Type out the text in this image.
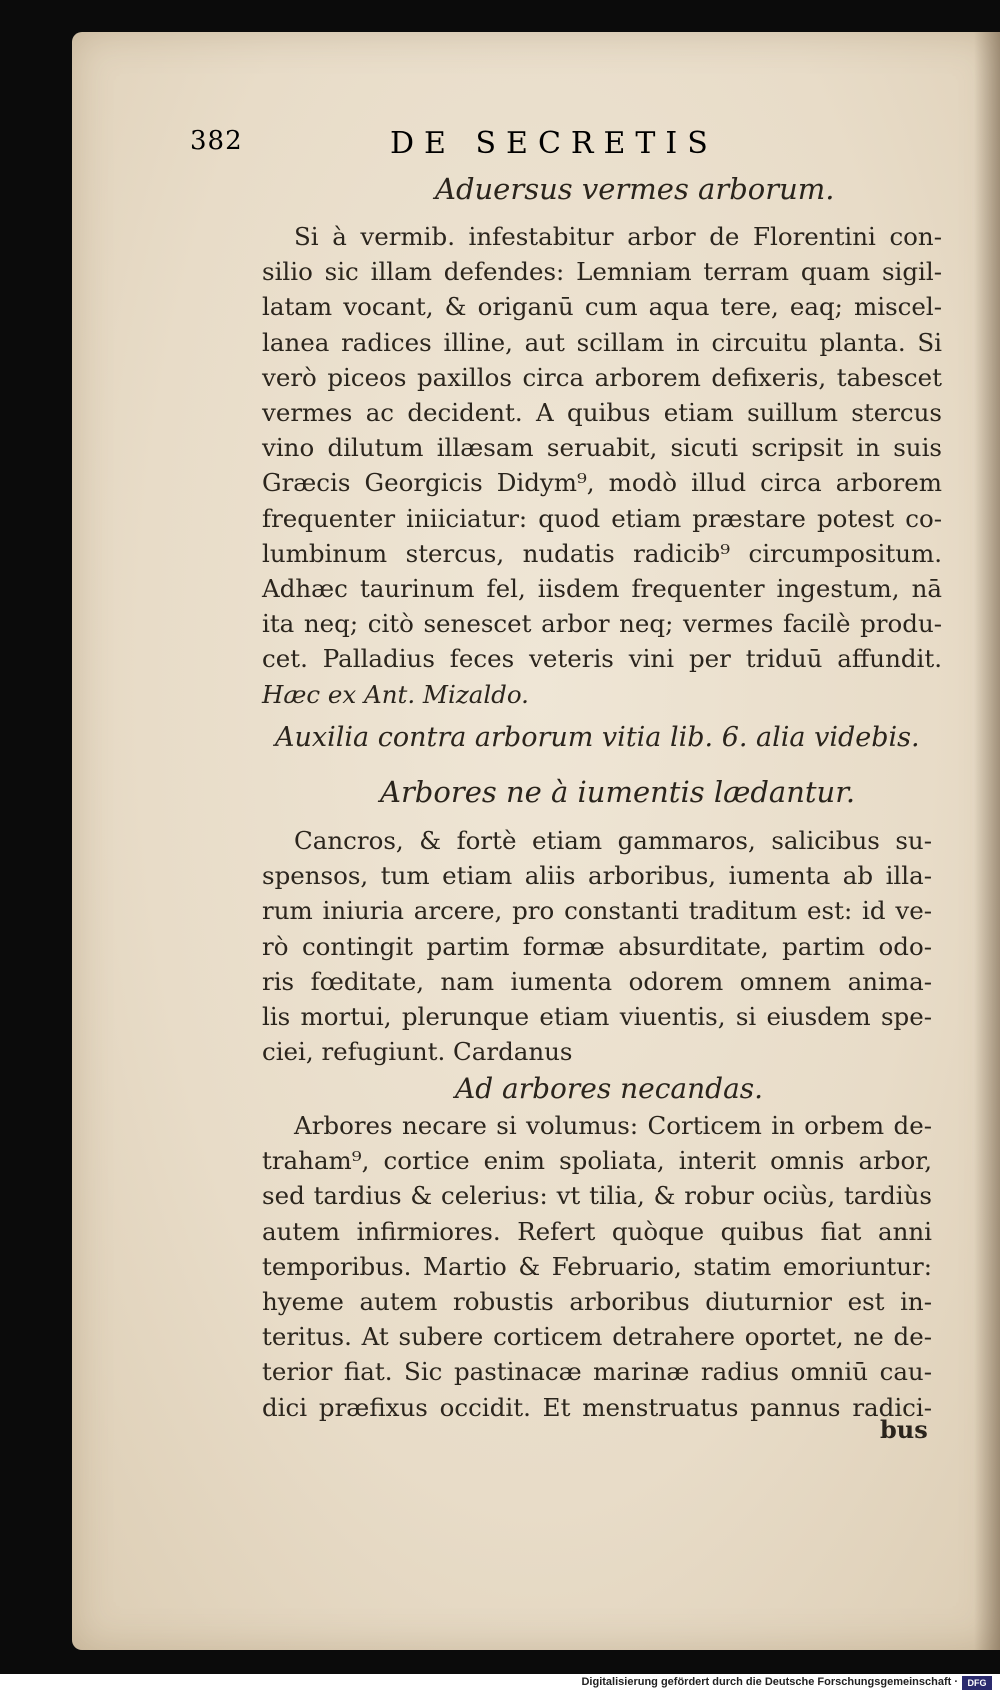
382	DE SECRETIS
Aduersus vermes arborum.
Si à vermib. infestabitur arbor de Florentini con-
silio sic illam defendes: Lemniam terram quam sigil-
latam vocant, & origanū cum aqua tere, eaq; miscel-
lanea radices illine, aut scillam in circuitu planta. Si
verò piceos paxillos circa arborem defixeris, tabescet
vermes ac decident. A quibus etiam suillum stercus
vino dilutum illæsam seruabit, sicuti scripsit in suis
Græcis Georgicis Didym⁹, modò illud circa arborem
frequenter iniiciatur: quod etiam præstare potest co-
lumbinum stercus, nudatis radicib⁹ circumpositum.
Adhæc taurinum fel, iisdem frequenter ingestum, nā
ita neq; citò senescet arbor neq; vermes facilè produ-
cet. Palladius feces veteris vini per triduū affundit.
Hæc ex Ant. Mizaldo.
Auxilia contra arborum vitia lib. 6. alia videbis.
Arbores ne à iumentis lædantur.
Cancros, & fortè etiam gammaros, salicibus su-
spensos, tum etiam aliis arboribus, iumenta ab illa-
rum iniuria arcere, pro constanti traditum est: id ve-
rò contingit partim formæ absurditate, partim odo-
ris fœditate, nam iumenta odorem omnem anima-
lis mortui, plerunque etiam viuentis, si eiusdem spe-
ciei, refugiunt. Cardanus
Ad arbores necandas.
Arbores necare si volumus: Corticem in orbem de-
traham⁹, cortice enim spoliata, interit omnis arbor,
sed tardius & celerius: vt tilia, & robur ociùs, tardiùs
autem infirmiores. Refert quòque quibus fiat anni
temporibus. Martio & Februario, statim emoriuntur:
hyeme autem robustis arboribus diuturnior est in-
teritus. At subere corticem detrahere oportet, ne de-
terior fiat. Sic pastinacæ marinæ radius omniū cau-
dici præfixus occidit. Et menstruatus pannus radici-
bus
Digitalisierung gefördert durch die Deutsche Forschungsgemeinschaft ·	DFG
